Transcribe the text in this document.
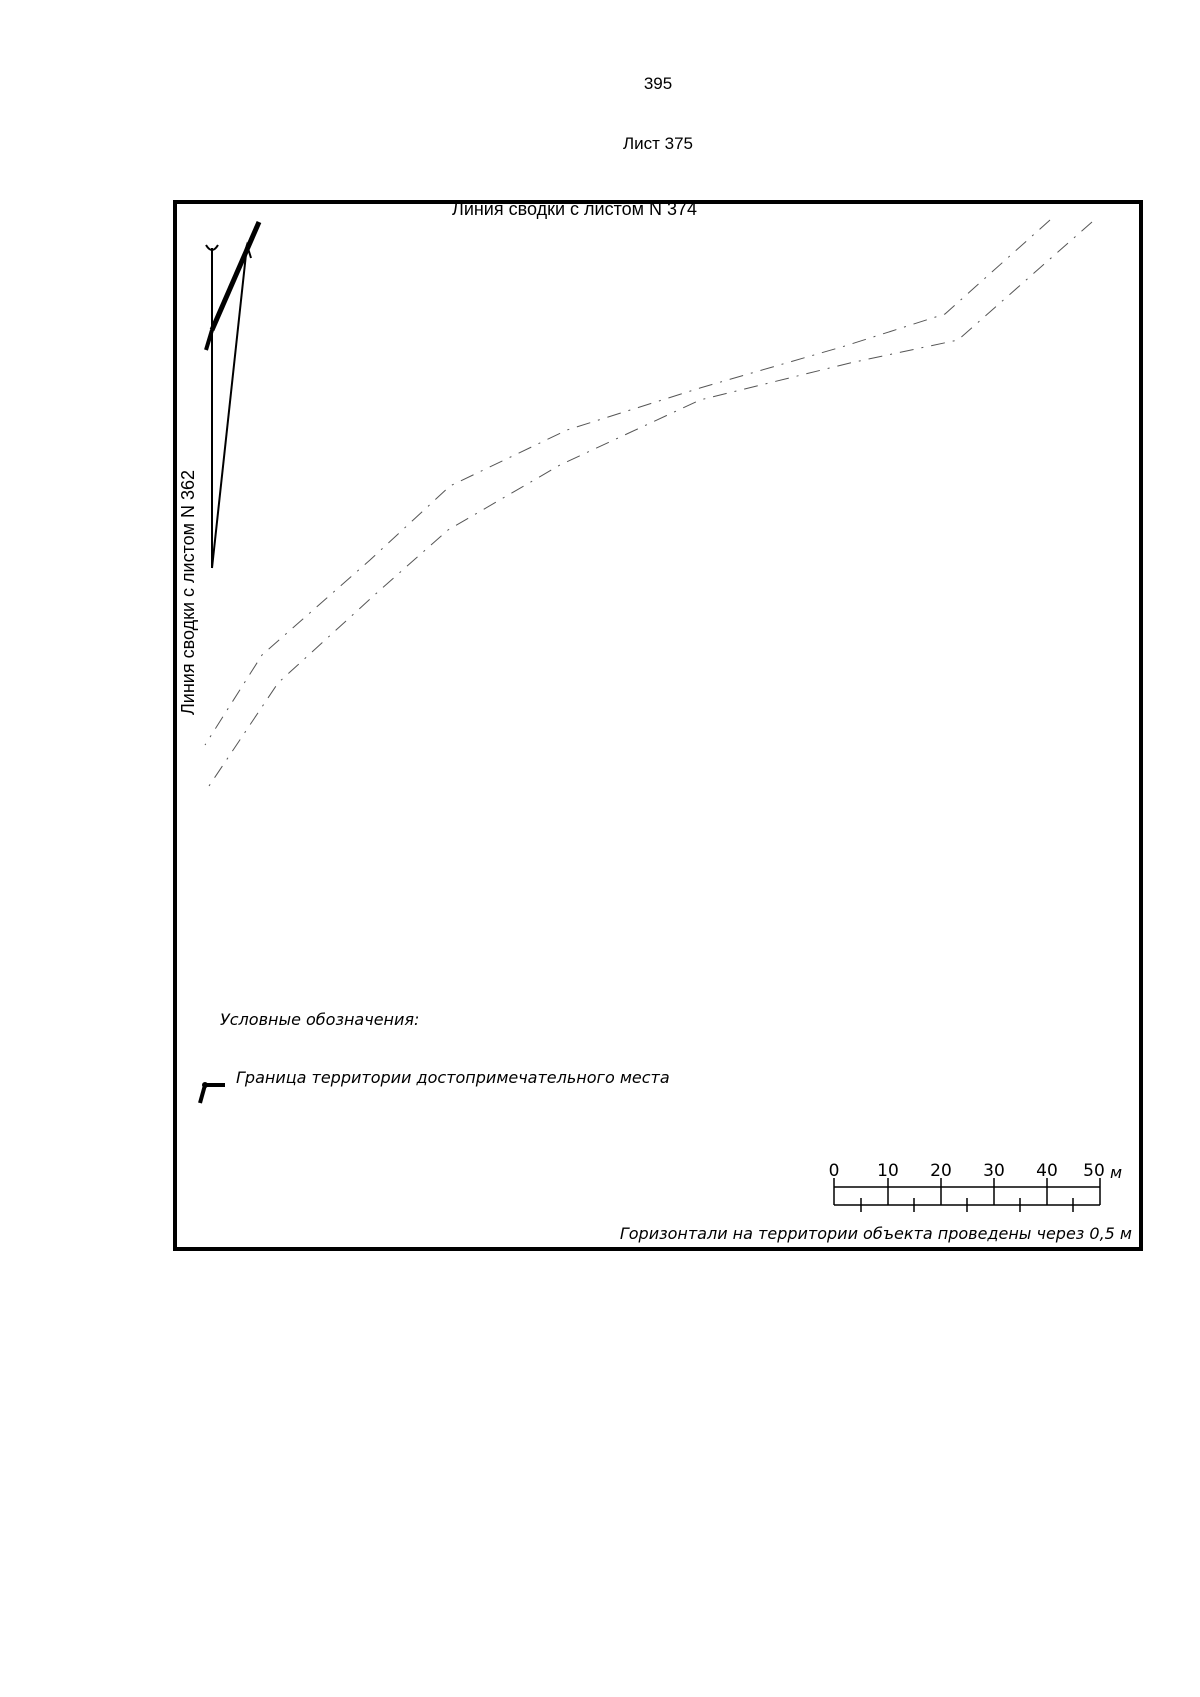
395
Лист 375
Линия сводки с листом N 374
Линия сводки с листом N 362
Условные обозначения:
Граница территории достопримечательного места
0 10 20 30 40 50 м
Горизонтали на территории объекта проведены через 0,5 м
